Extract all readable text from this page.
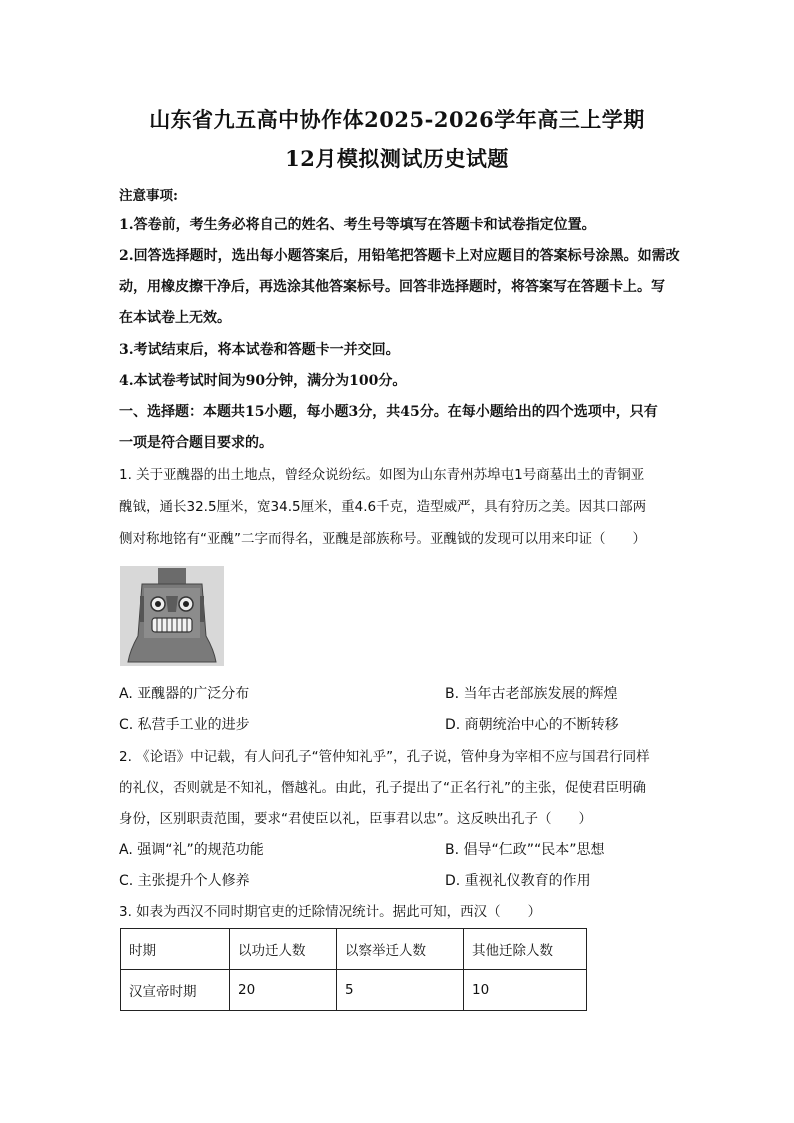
山东省九五高中协作体2025-2026学年高三上学期
12月模拟测试历史试题
注意事项:
1.答卷前，考生务必将自己的姓名、考生号等填写在答题卡和试卷指定位置。
2.回答选择题时，选出每小题答案后，用铅笔把答题卡上对应题目的答案标号涂黑。如需改
动，用橡皮擦干净后，再选涂其他答案标号。回答非选择题时，将答案写在答题卡上。写
在本试卷上无效。
3.考试结束后，将本试卷和答题卡一并交回。
4.本试卷考试时间为90分钟，满分为100分。
一、选择题：本题共15小题，每小题3分，共45分。在每小题给出的四个选项中，只有
一项是符合题目要求的。
1. 关于亚醜器的出土地点，曾经众说纷纭。如图为山东青州苏埠屯1号商墓出土的青铜亚
醜钺，通长32.5厘米，宽34.5厘米，重4.6千克，造型威严，具有狩历之美。因其口部两
侧对称地铭有“亚醜”二字而得名，亚醜是部族称号。亚醜钺的发现可以用来印证（　　）
A. 亚醜器的广泛分布	B. 当年古老部族发展的辉煌
C. 私营手工业的进步	D. 商朝统治中心的不断转移
2. 《论语》中记载，有人问孔子“管仲知礼乎”，孔子说，管仲身为宰相不应与国君行同样
的礼仪，否则就是不知礼，僭越礼。由此，孔子提出了“正名行礼”的主张，促使君臣明确
身份，区别职责范围，要求“君使臣以礼，臣事君以忠”。这反映出孔子（　　）
A. 强调“礼”的规范功能	B. 倡导“仁政”“民本”思想
C. 主张提升个人修养	D. 重视礼仪教育的作用
3. 如表为西汉不同时期官吏的迁除情况统计。据此可知，西汉（　　）
时期	以功迁人数	以察举迁人数	其他迁除人数
汉宣帝时期	20	5	10
